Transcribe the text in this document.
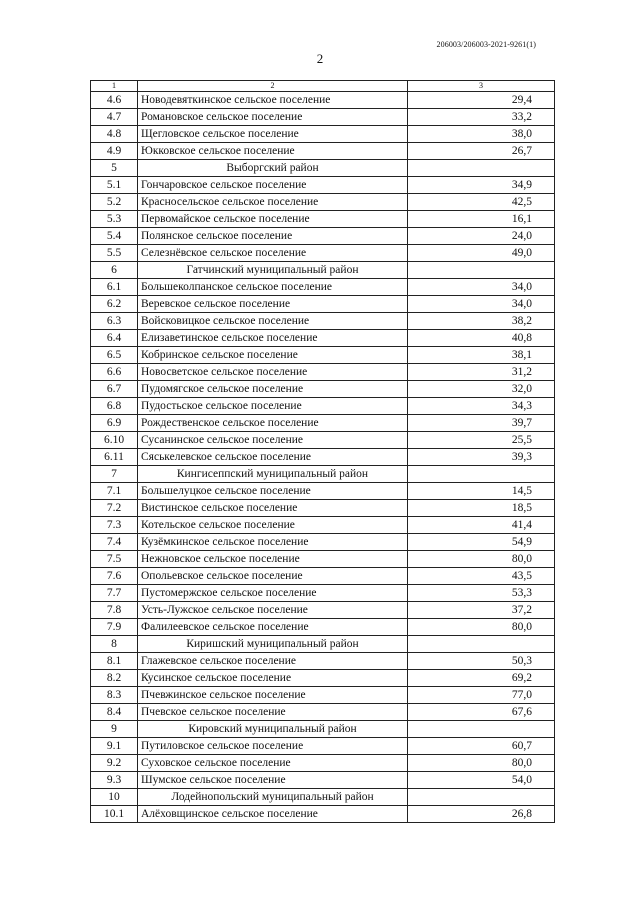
206003/206003-2021-9261(1)
2
1	2	3
4.6	Новодевяткинское сельское поселение	29,4
4.7	Романовское сельское поселение	33,2
4.8	Щегловское сельское поселение	38,0
4.9	Юкковское сельское поселение	26,7
5	Выборгский район	
5.1	Гончаровское сельское поселение	34,9
5.2	Красносельское сельское поселение	42,5
5.3	Первомайское сельское поселение	16,1
5.4	Полянское сельское поселение	24,0
5.5	Селезнёвское сельское поселение	49,0
6	Гатчинский муниципальный район	
6.1	Большеколпанское сельское поселение	34,0
6.2	Веревское сельское поселение	34,0
6.3	Войсковицкое сельское поселение	38,2
6.4	Елизаветинское сельское поселение	40,8
6.5	Кобринское сельское поселение	38,1
6.6	Новосветское сельское поселение	31,2
6.7	Пудомягское сельское поселение	32,0
6.8	Пудостьское сельское поселение	34,3
6.9	Рождественское сельское поселение	39,7
6.10	Сусанинское сельское поселение	25,5
6.11	Сяськелевское сельское поселение	39,3
7	Кингисеппский муниципальный район	
7.1	Большелуцкое сельское поселение	14,5
7.2	Вистинское сельское поселение	18,5
7.3	Котельское сельское поселение	41,4
7.4	Кузёмкинское сельское поселение	54,9
7.5	Нежновское сельское поселение	80,0
7.6	Опольевское сельское поселение	43,5
7.7	Пустомержское сельское поселение	53,3
7.8	Усть-Лужское сельское поселение	37,2
7.9	Фалилеевское сельское поселение	80,0
8	Киришский муниципальный район	
8.1	Глажевское сельское поселение	50,3
8.2	Кусинское сельское поселение	69,2
8.3	Пчевжинское сельское поселение	77,0
8.4	Пчевское сельское поселение	67,6
9	Кировский муниципальный район	
9.1	Путиловское сельское поселение	60,7
9.2	Суховское сельское поселение	80,0
9.3	Шумское сельское поселение	54,0
10	Лодейнопольский муниципальный район	
10.1	Алёховщинское сельское поселение	26,8
